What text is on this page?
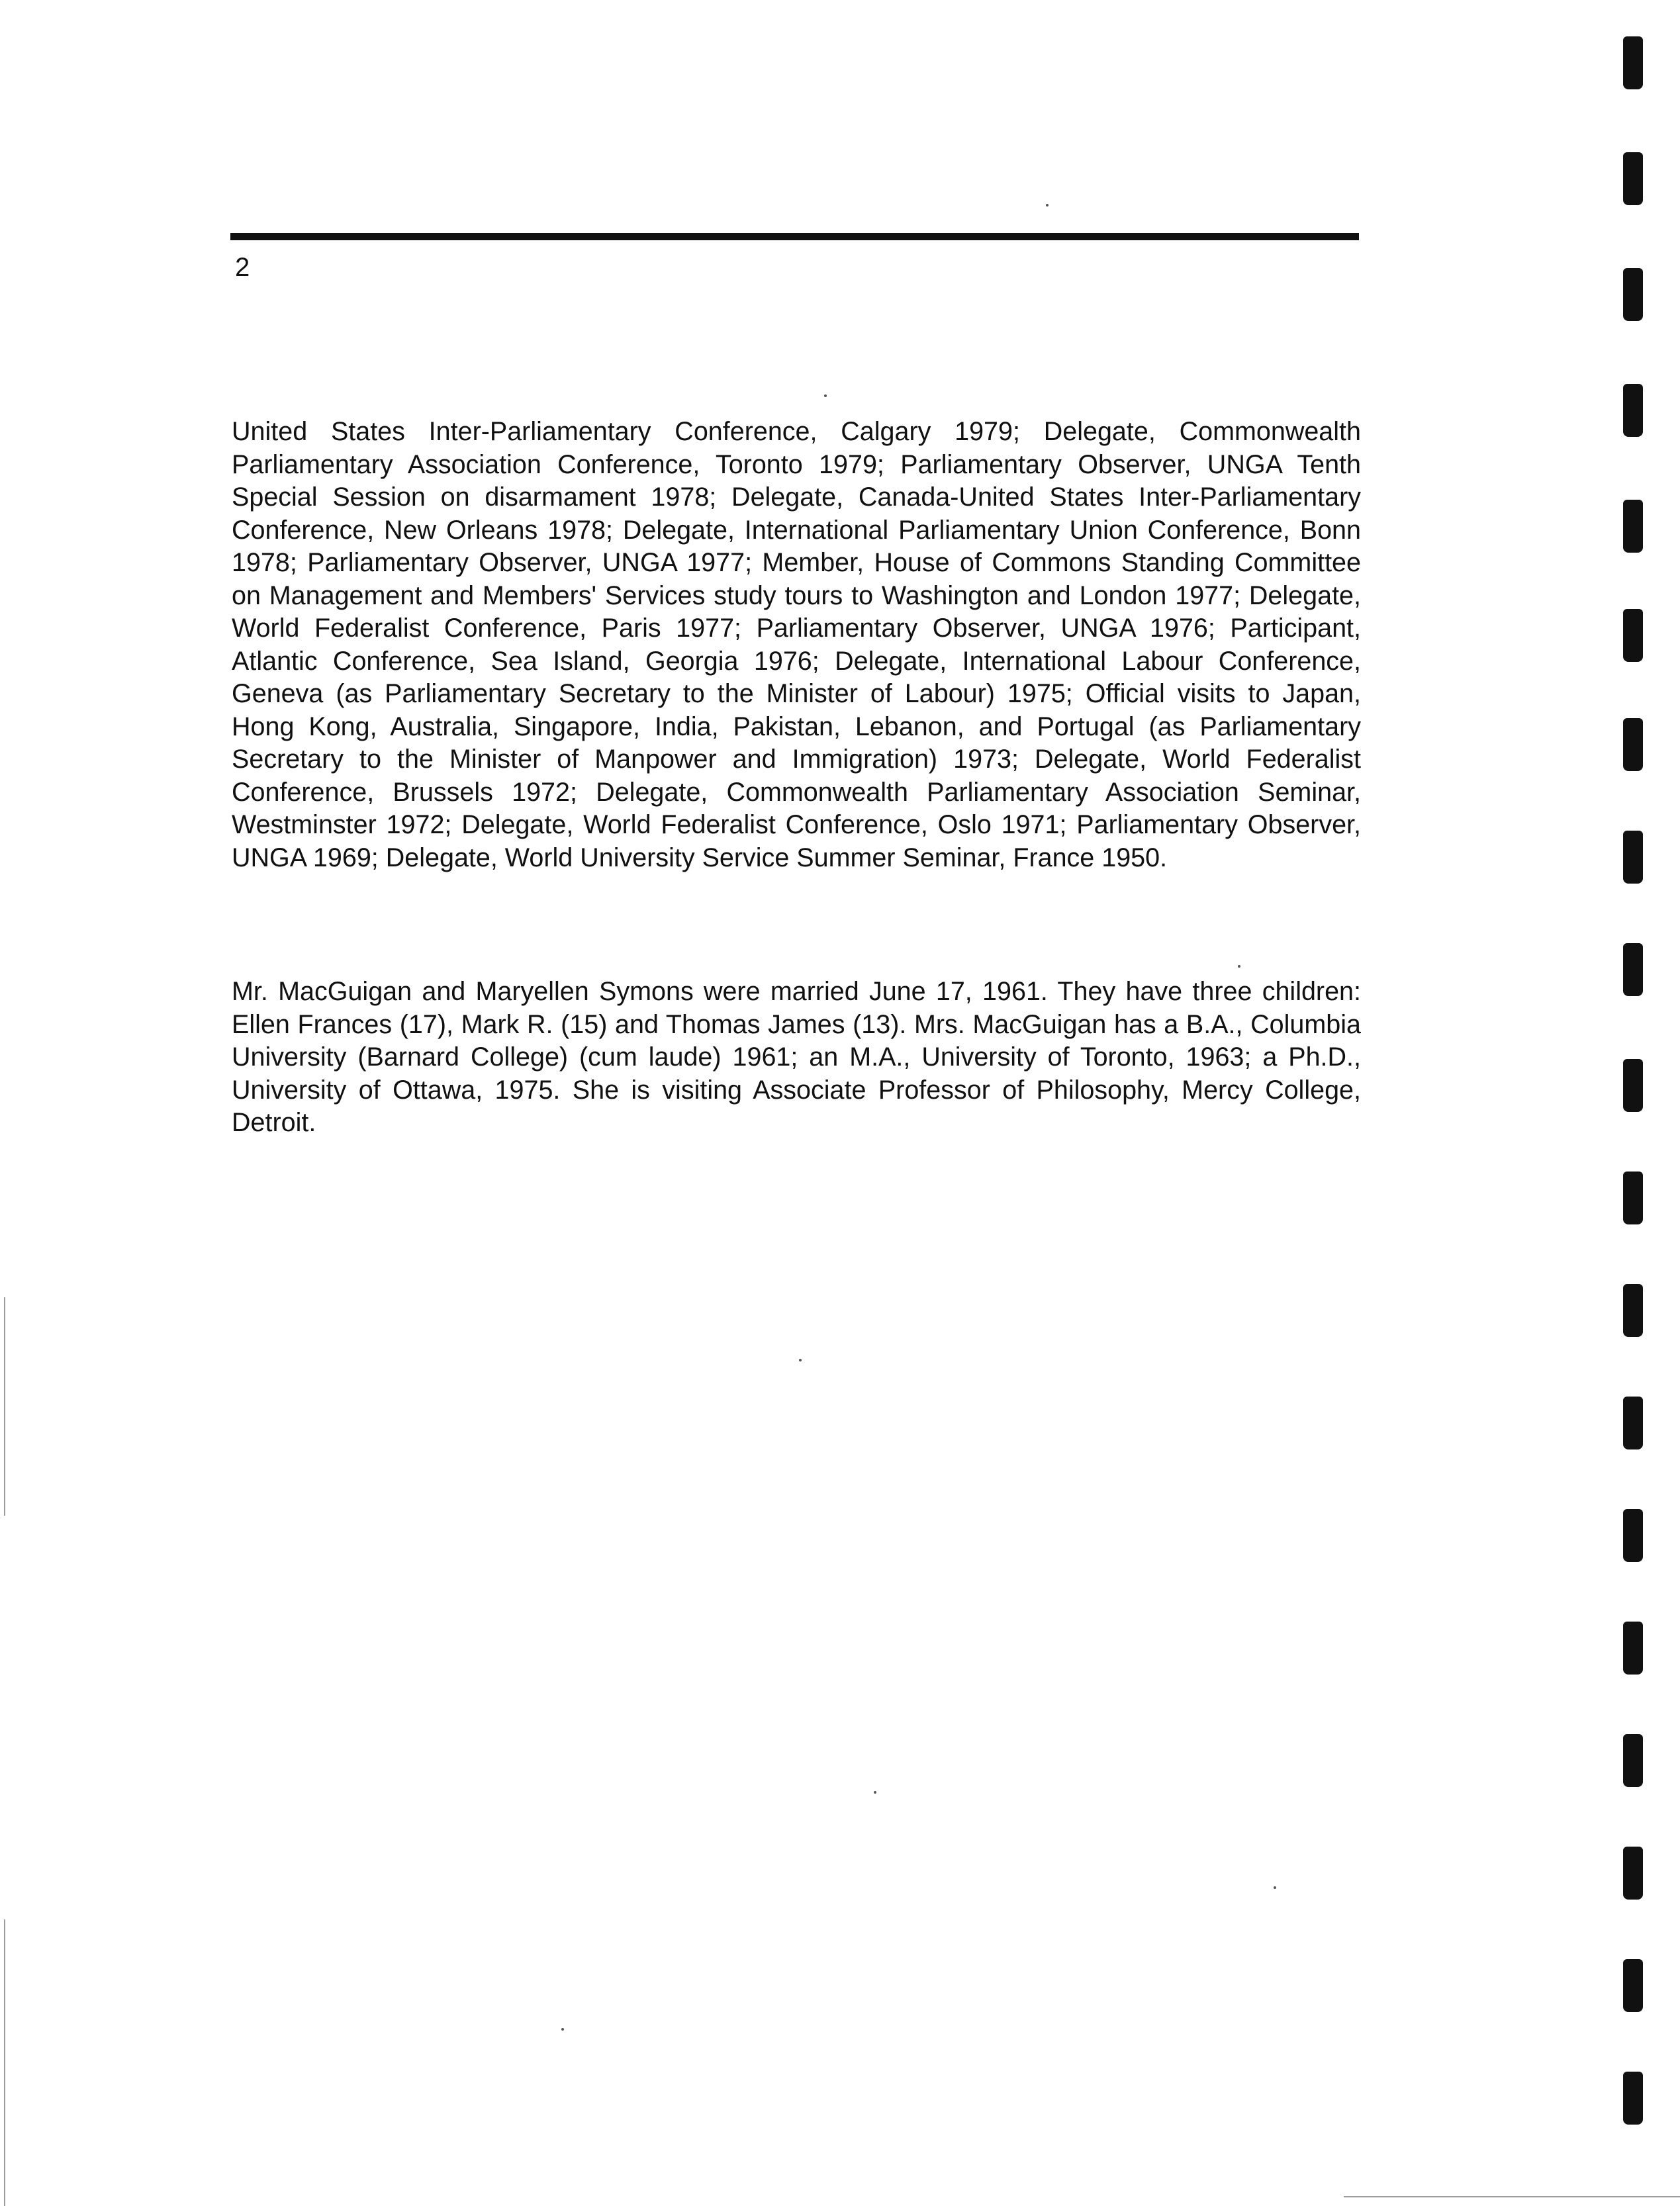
2

United States Inter-Parliamentary Conference, Calgary 1979; Delegate, Commonwealth Parliamentary Association Conference, Toronto 1979; Parliamentary Observer, UNGA Tenth Special Session on disarmament 1978; Delegate, Canada-United States Inter-Parliamentary Conference, New Orleans 1978; Delegate, International Parliamentary Union Conference, Bonn 1978; Parliamentary Observer, UNGA 1977; Member, House of Commons Standing Committee on Management and Members' Services study tours to Washington and London 1977; Delegate, World Federalist Conference, Paris 1977; Parliamentary Observer, UNGA 1976; Participant, Atlantic Conference, Sea Island, Georgia 1976; Delegate, International Labour Conference, Geneva (as Parliamentary Secretary to the Minister of Labour) 1975; Official visits to Japan, Hong Kong, Australia, Singapore, India, Pakistan, Lebanon, and Portugal (as Parliamentary Secretary to the Minister of Manpower and Immigration) 1973; Delegate, World Federalist Conference, Brussels 1972; Delegate, Commonwealth Parliamentary Association Seminar, Westminster 1972; Delegate, World Federalist Conference, Oslo 1971; Parliamentary Observer, UNGA 1969; Delegate, World University Service Summer Seminar, France 1950.

Mr. MacGuigan and Maryellen Symons were married June 17, 1961. They have three children: Ellen Frances (17), Mark R. (15) and Thomas James (13). Mrs. MacGuigan has a B.A., Columbia University (Barnard College) (cum laude) 1961; an M.A., University of Toronto, 1963; a Ph.D., University of Ottawa, 1975. She is visiting Associate Professor of Philosophy, Mercy College, Detroit.
